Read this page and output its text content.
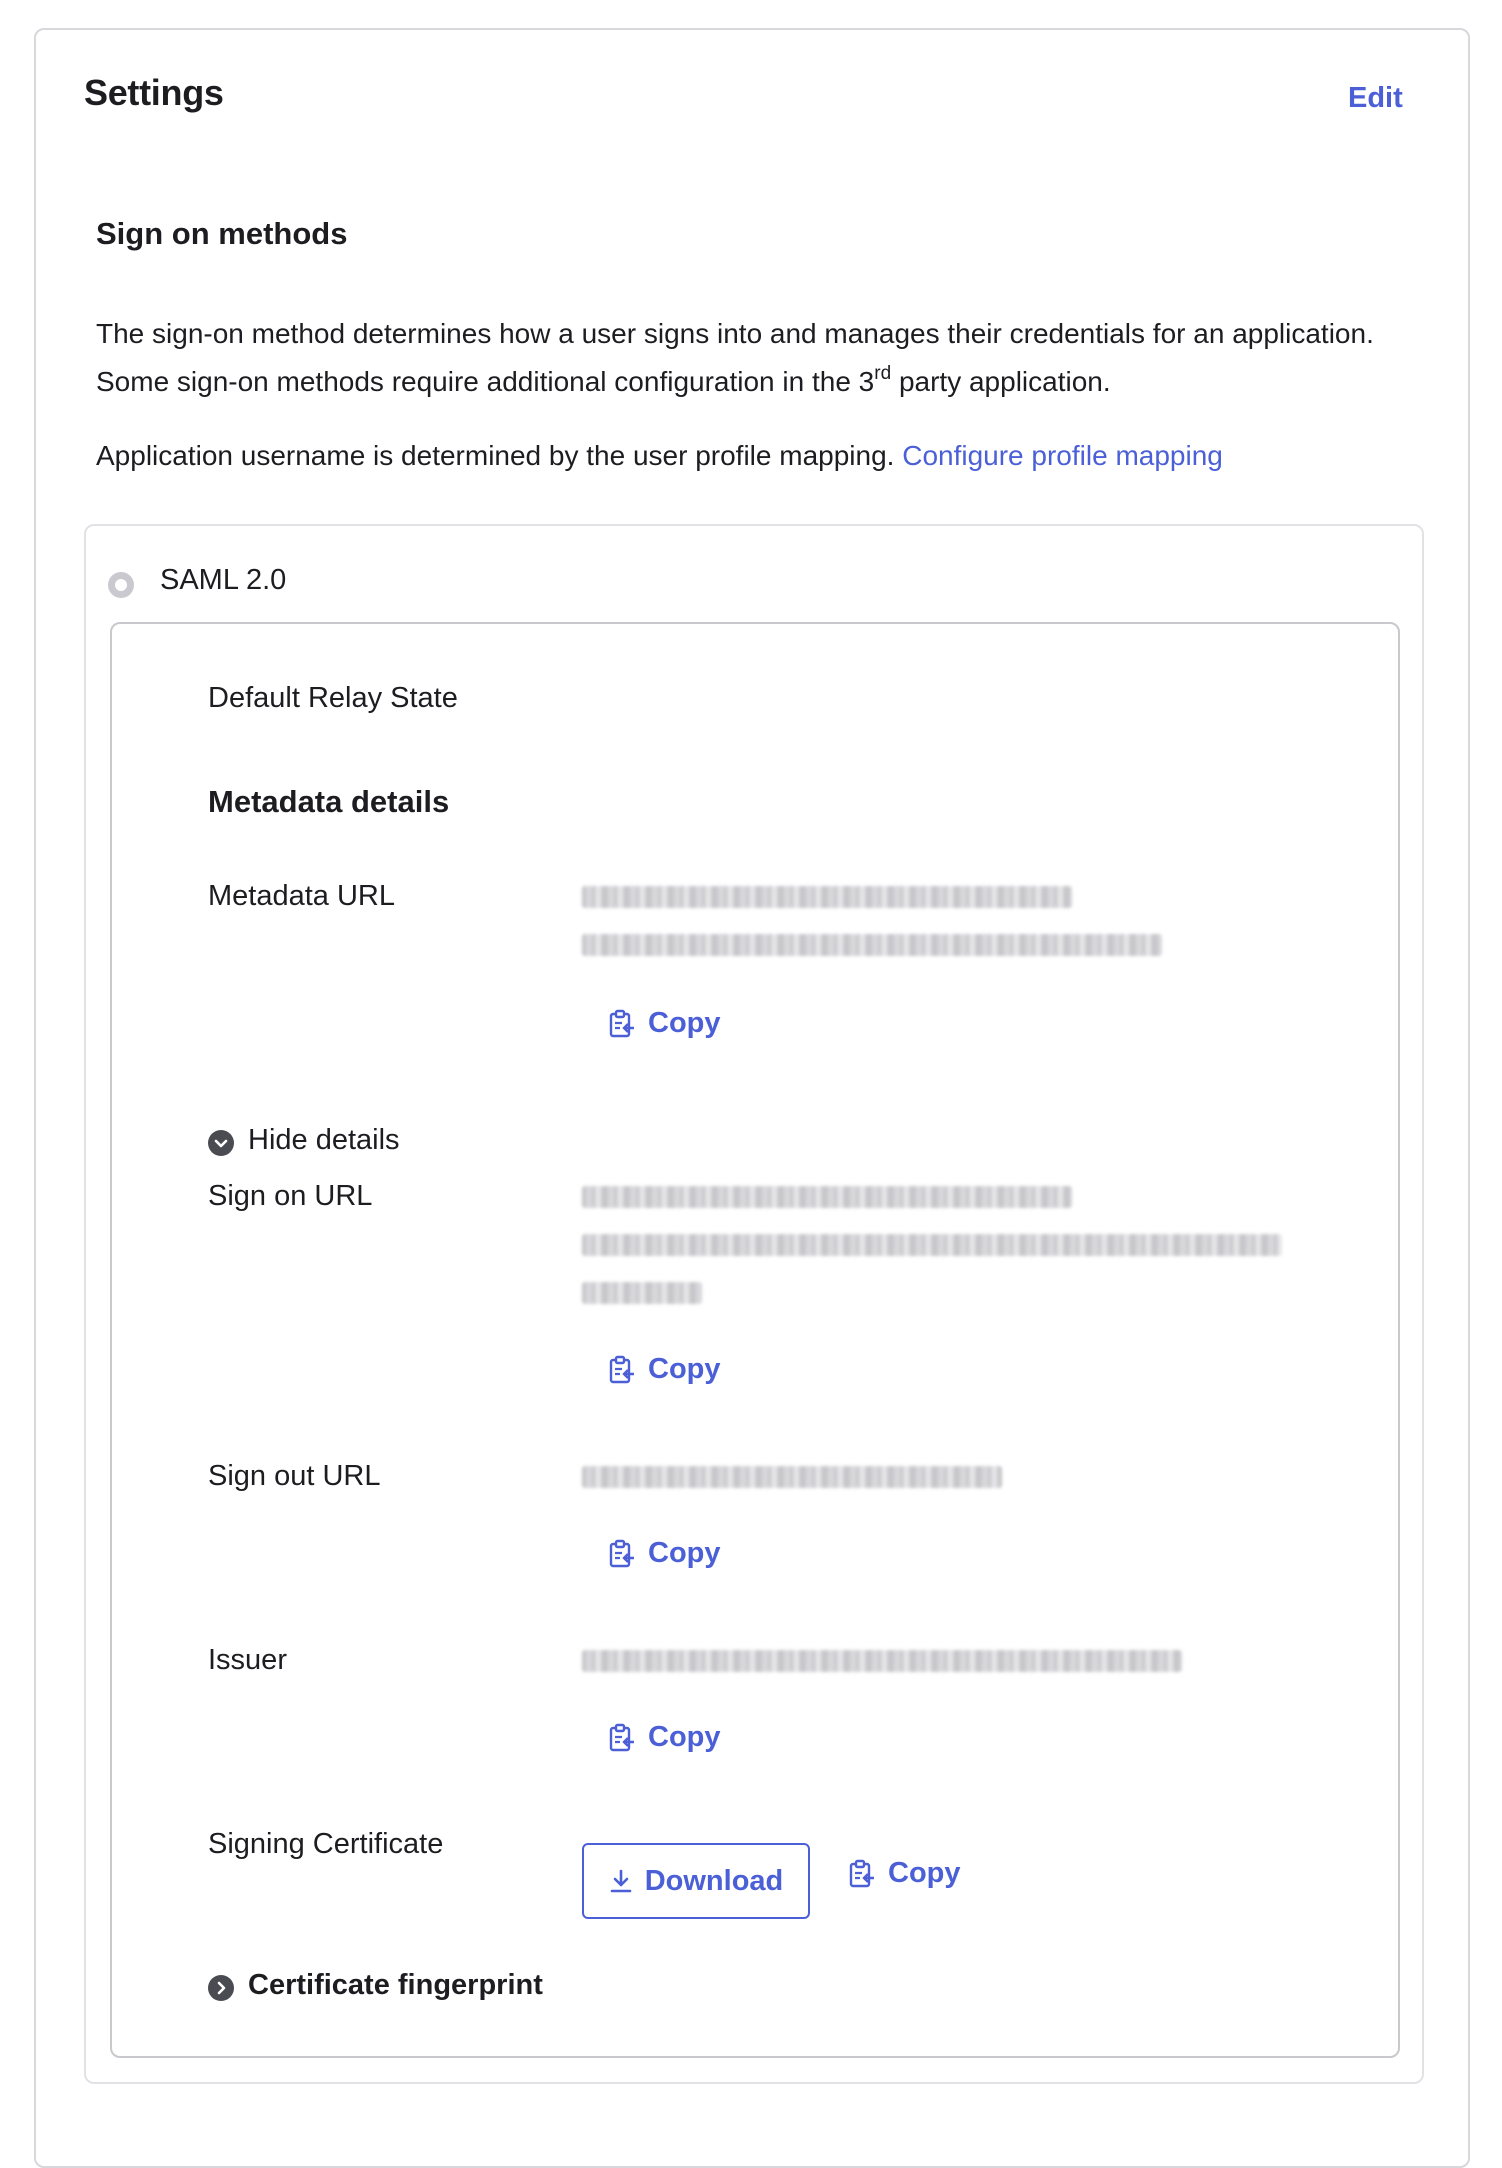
Settings	Edit
Sign on methods
The sign-on method determines how a user signs into and manages their credentials for an application. Some sign-on methods require additional configuration in the 3rd party application.
Application username is determined by the user profile mapping. Configure profile mapping
SAML 2.0
Default Relay State
Metadata details
Metadata URL
Copy
Hide details
Sign on URL
Copy
Sign out URL
Copy
Issuer
Copy
Signing Certificate
Download	Copy
Certificate fingerprint
